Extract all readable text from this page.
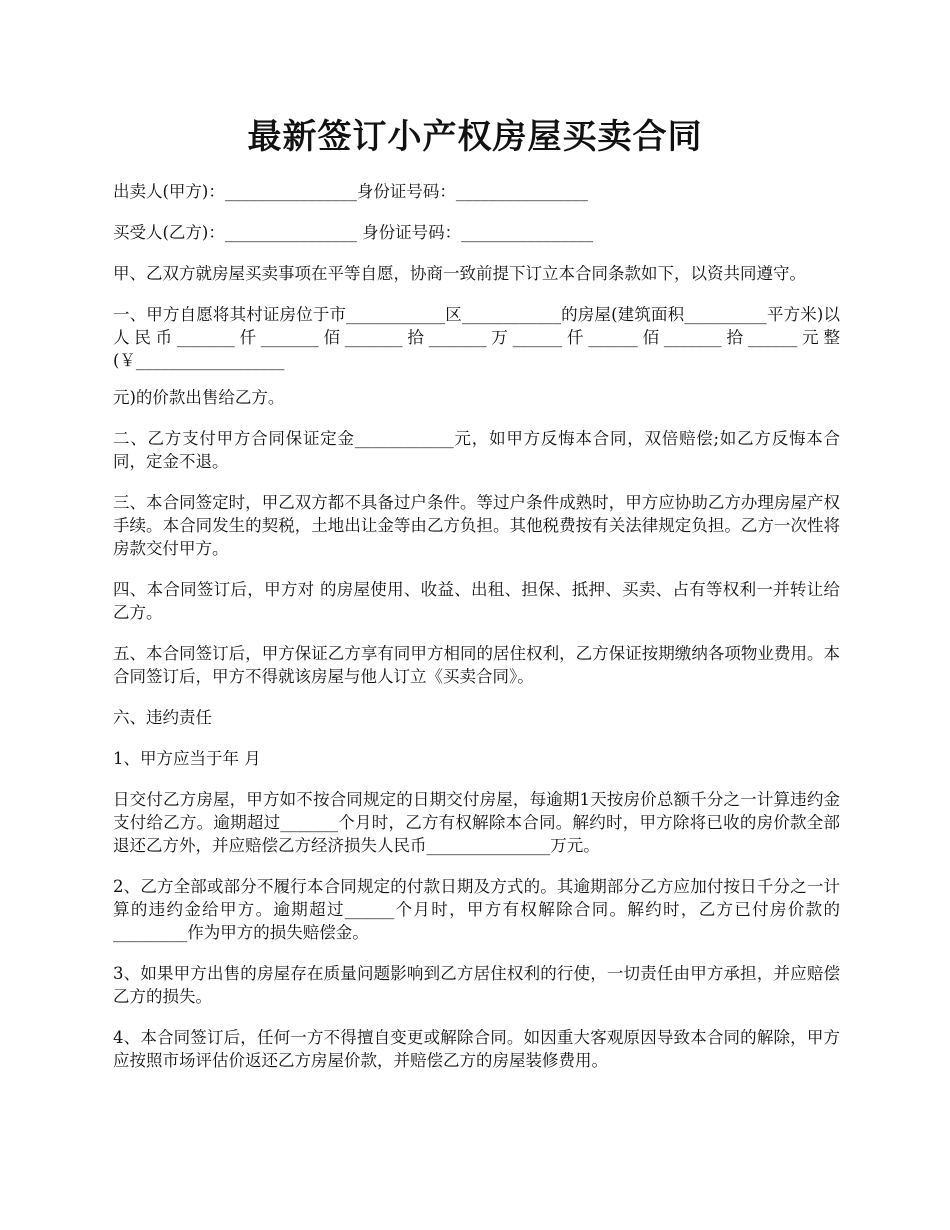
最新签订小产权房屋买卖合同

出卖人(甲方)：________________身份证号码：________________

买受人(乙方)：________________ 身份证号码：________________

甲、乙双方就房屋买卖事项在平等自愿，协商一致前提下订立本合同条款如下，以资共同遵守。

一、甲方自愿将其村证房位于市____________区____________的房屋(建筑面积__________平方米)以人民币_______仟_______佰_______拾_______万______仟______佰_______拾______元整(￥__________________

元)的价款出售给乙方。

二、乙方支付甲方合同保证定金____________元，如甲方反悔本合同，双倍赔偿;如乙方反悔本合同，定金不退。

三、本合同签定时，甲乙双方都不具备过户条件。等过户条件成熟时，甲方应协助乙方办理房屋产权手续。本合同发生的契税，土地出让金等由乙方负担。其他税费按有关法律规定负担。乙方一次性将房款交付甲方。

四、本合同签订后，甲方对 的房屋使用、收益、出租、担保、抵押、买卖、占有等权利一并转让给乙方。

五、本合同签订后，甲方保证乙方享有同甲方相同的居住权利，乙方保证按期缴纳各项物业费用。本合同签订后，甲方不得就该房屋与他人订立《买卖合同》。

六、违约责任

1、甲方应当于年 月

日交付乙方房屋，甲方如不按合同规定的日期交付房屋，每逾期1天按房价总额千分之一计算违约金支付给乙方。逾期超过_______个月时，乙方有权解除本合同。解约时，甲方除将已收的房价款全部退还乙方外，并应赔偿乙方经济损失人民币_______________万元。

2、乙方全部或部分不履行本合同规定的付款日期及方式的。其逾期部分乙方应加付按日千分之一计算的违约金给甲方。逾期超过______个月时，甲方有权解除合同。解约时，乙方已付房价款的_________作为甲方的损失赔偿金。

3、如果甲方出售的房屋存在质量问题影响到乙方居住权利的行使，一切责任由甲方承担，并应赔偿乙方的损失。

4、本合同签订后，任何一方不得擅自变更或解除合同。如因重大客观原因导致本合同的解除，甲方应按照市场评估价返还乙方房屋价款，并赔偿乙方的房屋装修费用。
